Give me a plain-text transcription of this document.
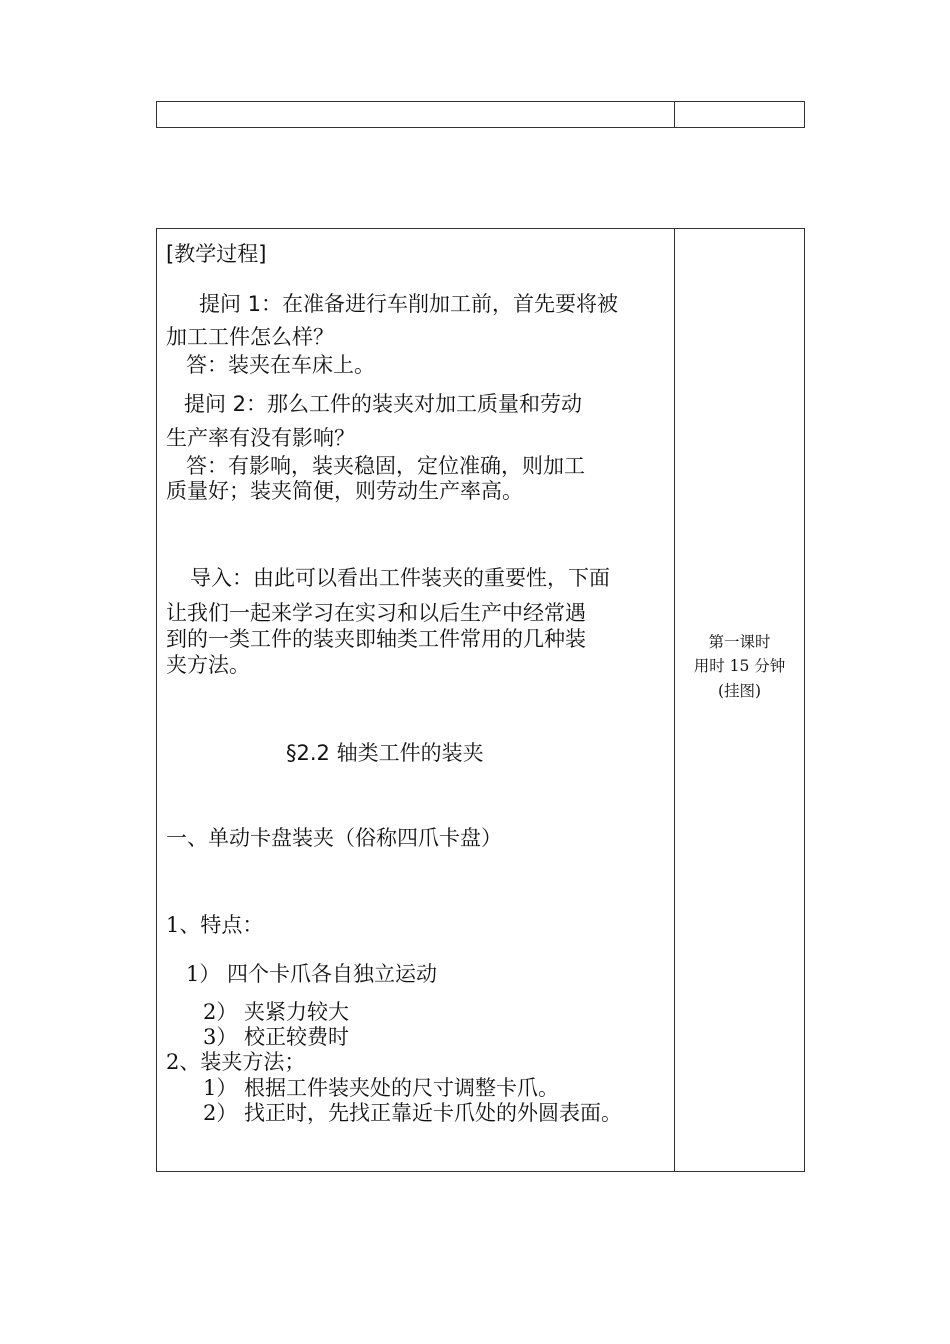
[教学过程]
提问 1：在准备进行车削加工前，首先要将被
加工工件怎么样？
答：装夹在车床上。
提问 2：那么工件的装夹对加工质量和劳动
生产率有没有影响？
答：有影响，装夹稳固，定位准确，则加工
质量好；装夹简便，则劳动生产率高。
导入：由此可以看出工件装夹的重要性，下面
让我们一起来学习在实习和以后生产中经常遇
到的一类工件的装夹即轴类工件常用的几种装
夹方法。
§2.2 轴类工件的装夹
一、单动卡盘装夹（俗称四爪卡盘）
1、特点：
1） 四个卡爪各自独立运动
2） 夹紧力较大
3） 校正较费时
2、装夹方法；
1） 根据工件装夹处的尺寸调整卡爪。
2） 找正时，先找正靠近卡爪处的外圆表面。
第一课时
用时 15 分钟
(挂图)
